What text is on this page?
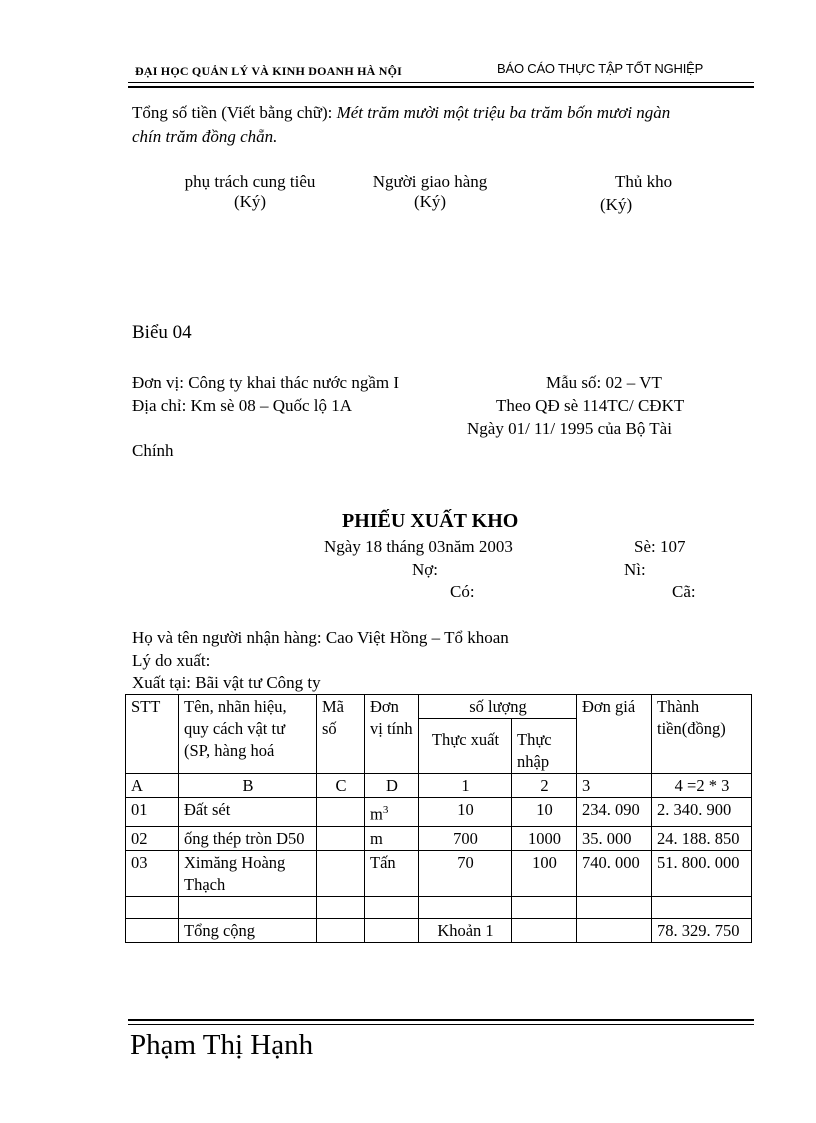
ĐẠI HỌC QUẢN LÝ VÀ KINH DOANH HÀ NỘI	BÁO CÁO THỰC TẬP TỐT NGHIỆP
Tổng số tiền (Viết bằng chữ): Mét trăm mười một triệu ba trăm bốn mươi ngàn
chín trăm đồng chẵn.
phụ trách cung tiêu
(Ký)
Người giao hàng
(Ký)
Thủ kho
(Ký)
Biểu 04
Đơn vị: Công ty khai thác nước ngầm I
Địa chỉ: Km sè 08 – Quốc lộ 1A
Mẫu số: 02 – VT
Theo QĐ sè 114TC/ CĐKT
Ngày 01/ 11/ 1995 của Bộ Tài
Chính
PHIẾU XUẤT KHO
Ngày 18 tháng 03năm 2003	Sè: 107
Nợ:	Nì:
Có:	Cã:
Họ và tên người nhận hàng: Cao Việt Hồng – Tổ khoan
Lý do xuất:
Xuất tại: Bãi vật tư Công ty
STT	Tên, nhãn hiệu, quy cách vật tư (SP, hàng hoá	Mã số	Đơn vị tính	số lượng		Đơn giá	Thành tiền(đồng)
				Thực xuất	Thực nhập		
A	B	C	D	1	2	3	4 =2 * 3
01	Đất sét		$m^3$	10	10	234. 090	2. 340. 900
02	ống thép tròn D50		m	700	1000	35. 000	24. 188. 850
03	Ximăng Hoàng Thạch		Tấn	70	100	740. 000	51. 800. 000

	Tổng cộng			Khoản 1			78. 329. 750
Phạm Thị Hạnh
